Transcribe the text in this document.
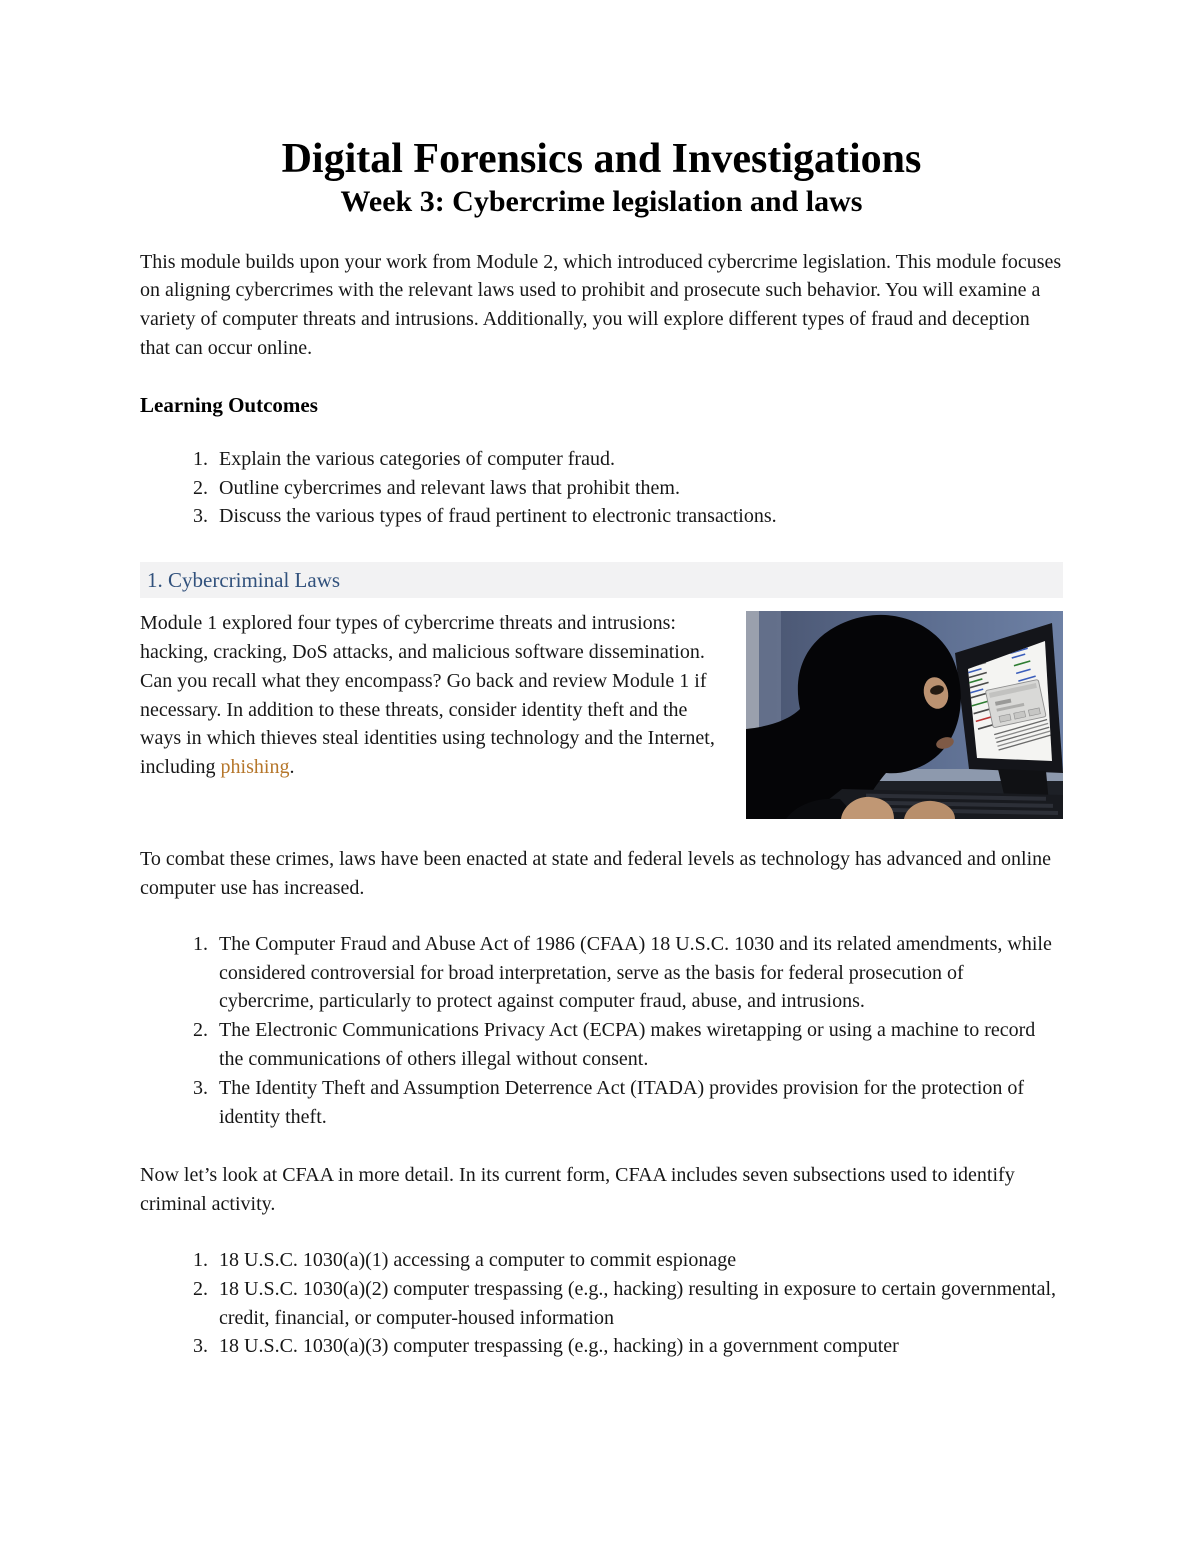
Digital Forensics and Investigations
Week 3: Cybercrime legislation and laws

This module builds upon your work from Module 2, which introduced cybercrime legislation. This module focuses on aligning cybercrimes with the relevant laws used to prohibit and prosecute such behavior. You will examine a variety of computer threats and intrusions. Additionally, you will explore different types of fraud and deception that can occur online.

Learning Outcomes
1. Explain the various categories of computer fraud.
2. Outline cybercrimes and relevant laws that prohibit them.
3. Discuss the various types of fraud pertinent to electronic transactions.
1. Cybercriminal Laws

Module 1 explored four types of cybercrime threats and intrusions: hacking, cracking, DoS attacks, and malicious software dissemination. Can you recall what they encompass? Go back and review Module 1 if necessary. In addition to these threats, consider identity theft and the ways in which thieves steal identities using technology and the Internet, including phishing.

To combat these crimes, laws have been enacted at state and federal levels as technology has advanced and online computer use has increased.

1. The Computer Fraud and Abuse Act of 1986 (CFAA) 18 U.S.C. 1030 and its related amendments, while considered controversial for broad interpretation, serve as the basis for federal prosecution of cybercrime, particularly to protect against computer fraud, abuse, and intrusions.
2. The Electronic Communications Privacy Act (ECPA) makes wiretapping or using a machine to record the communications of others illegal without consent.
3. The Identity Theft and Assumption Deterrence Act (ITADA) provides provision for the protection of identity theft.

Now let’s look at CFAA in more detail. In its current form, CFAA includes seven subsections used to identify criminal activity.

1. 18 U.S.C. 1030(a)(1) accessing a computer to commit espionage
2. 18 U.S.C. 1030(a)(2) computer trespassing (e.g., hacking) resulting in exposure to certain governmental, credit, financial, or computer-housed information
3. 18 U.S.C. 1030(a)(3) computer trespassing (e.g., hacking) in a government computer
